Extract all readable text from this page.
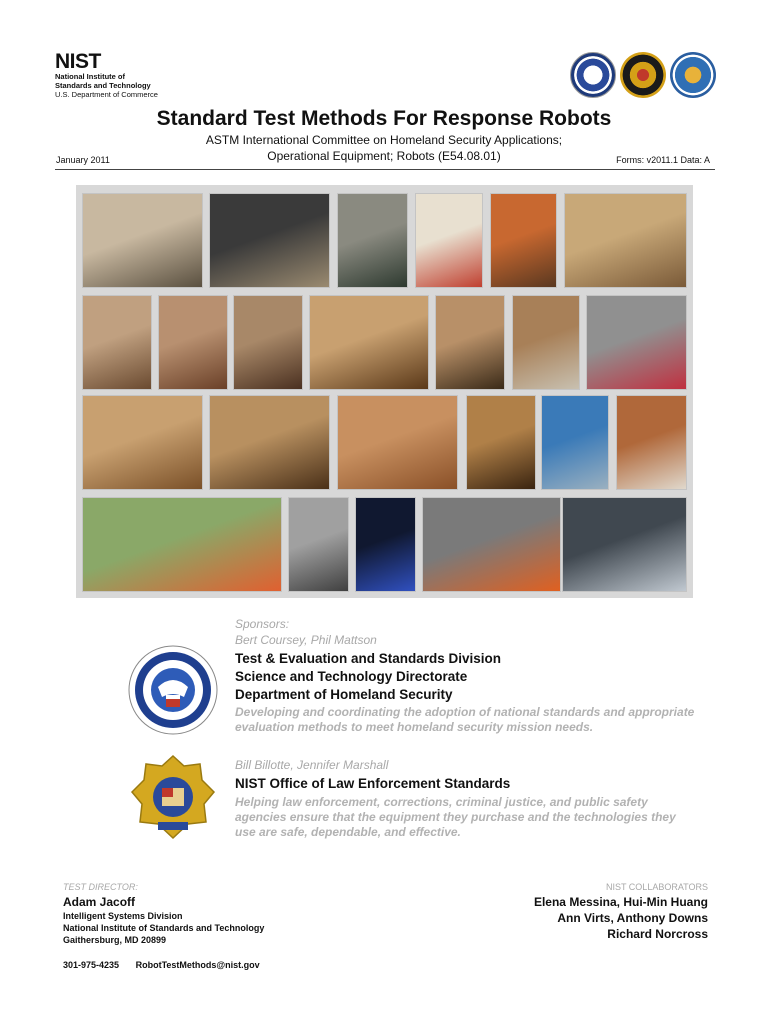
NIST
National Institute of
Standards and Technology
U.S. Department of Commerce
Standard Test Methods For Response Robots
ASTM International Committee on Homeland Security Applications;
Operational Equipment; Robots (E54.08.01)
January 2011	Forms: v2011.1 Data: A
Sponsors:
Bert Coursey, Phil Mattson
Test & Evaluation and Standards Division
Science and Technology Directorate
Department of Homeland Security
Developing and coordinating the adoption of national standards and appropriate evaluation methods to meet homeland security mission needs.
Bill Billotte, Jennifer Marshall
NIST Office of Law Enforcement Standards
Helping law enforcement, corrections, criminal justice, and public safety agencies ensure that the equipment they purchase and the technologies they use are safe, dependable, and effective.
TEST DIRECTOR:
Adam Jacoff
Intelligent Systems Division
National Institute of Standards and Technology
Gaithersburg, MD 20899
301-975-4235 RobotTestMethods@nist.gov
NIST COLLABORATORS
Elena Messina, Hui-Min Huang
Ann Virts, Anthony Downs
Richard Norcross
